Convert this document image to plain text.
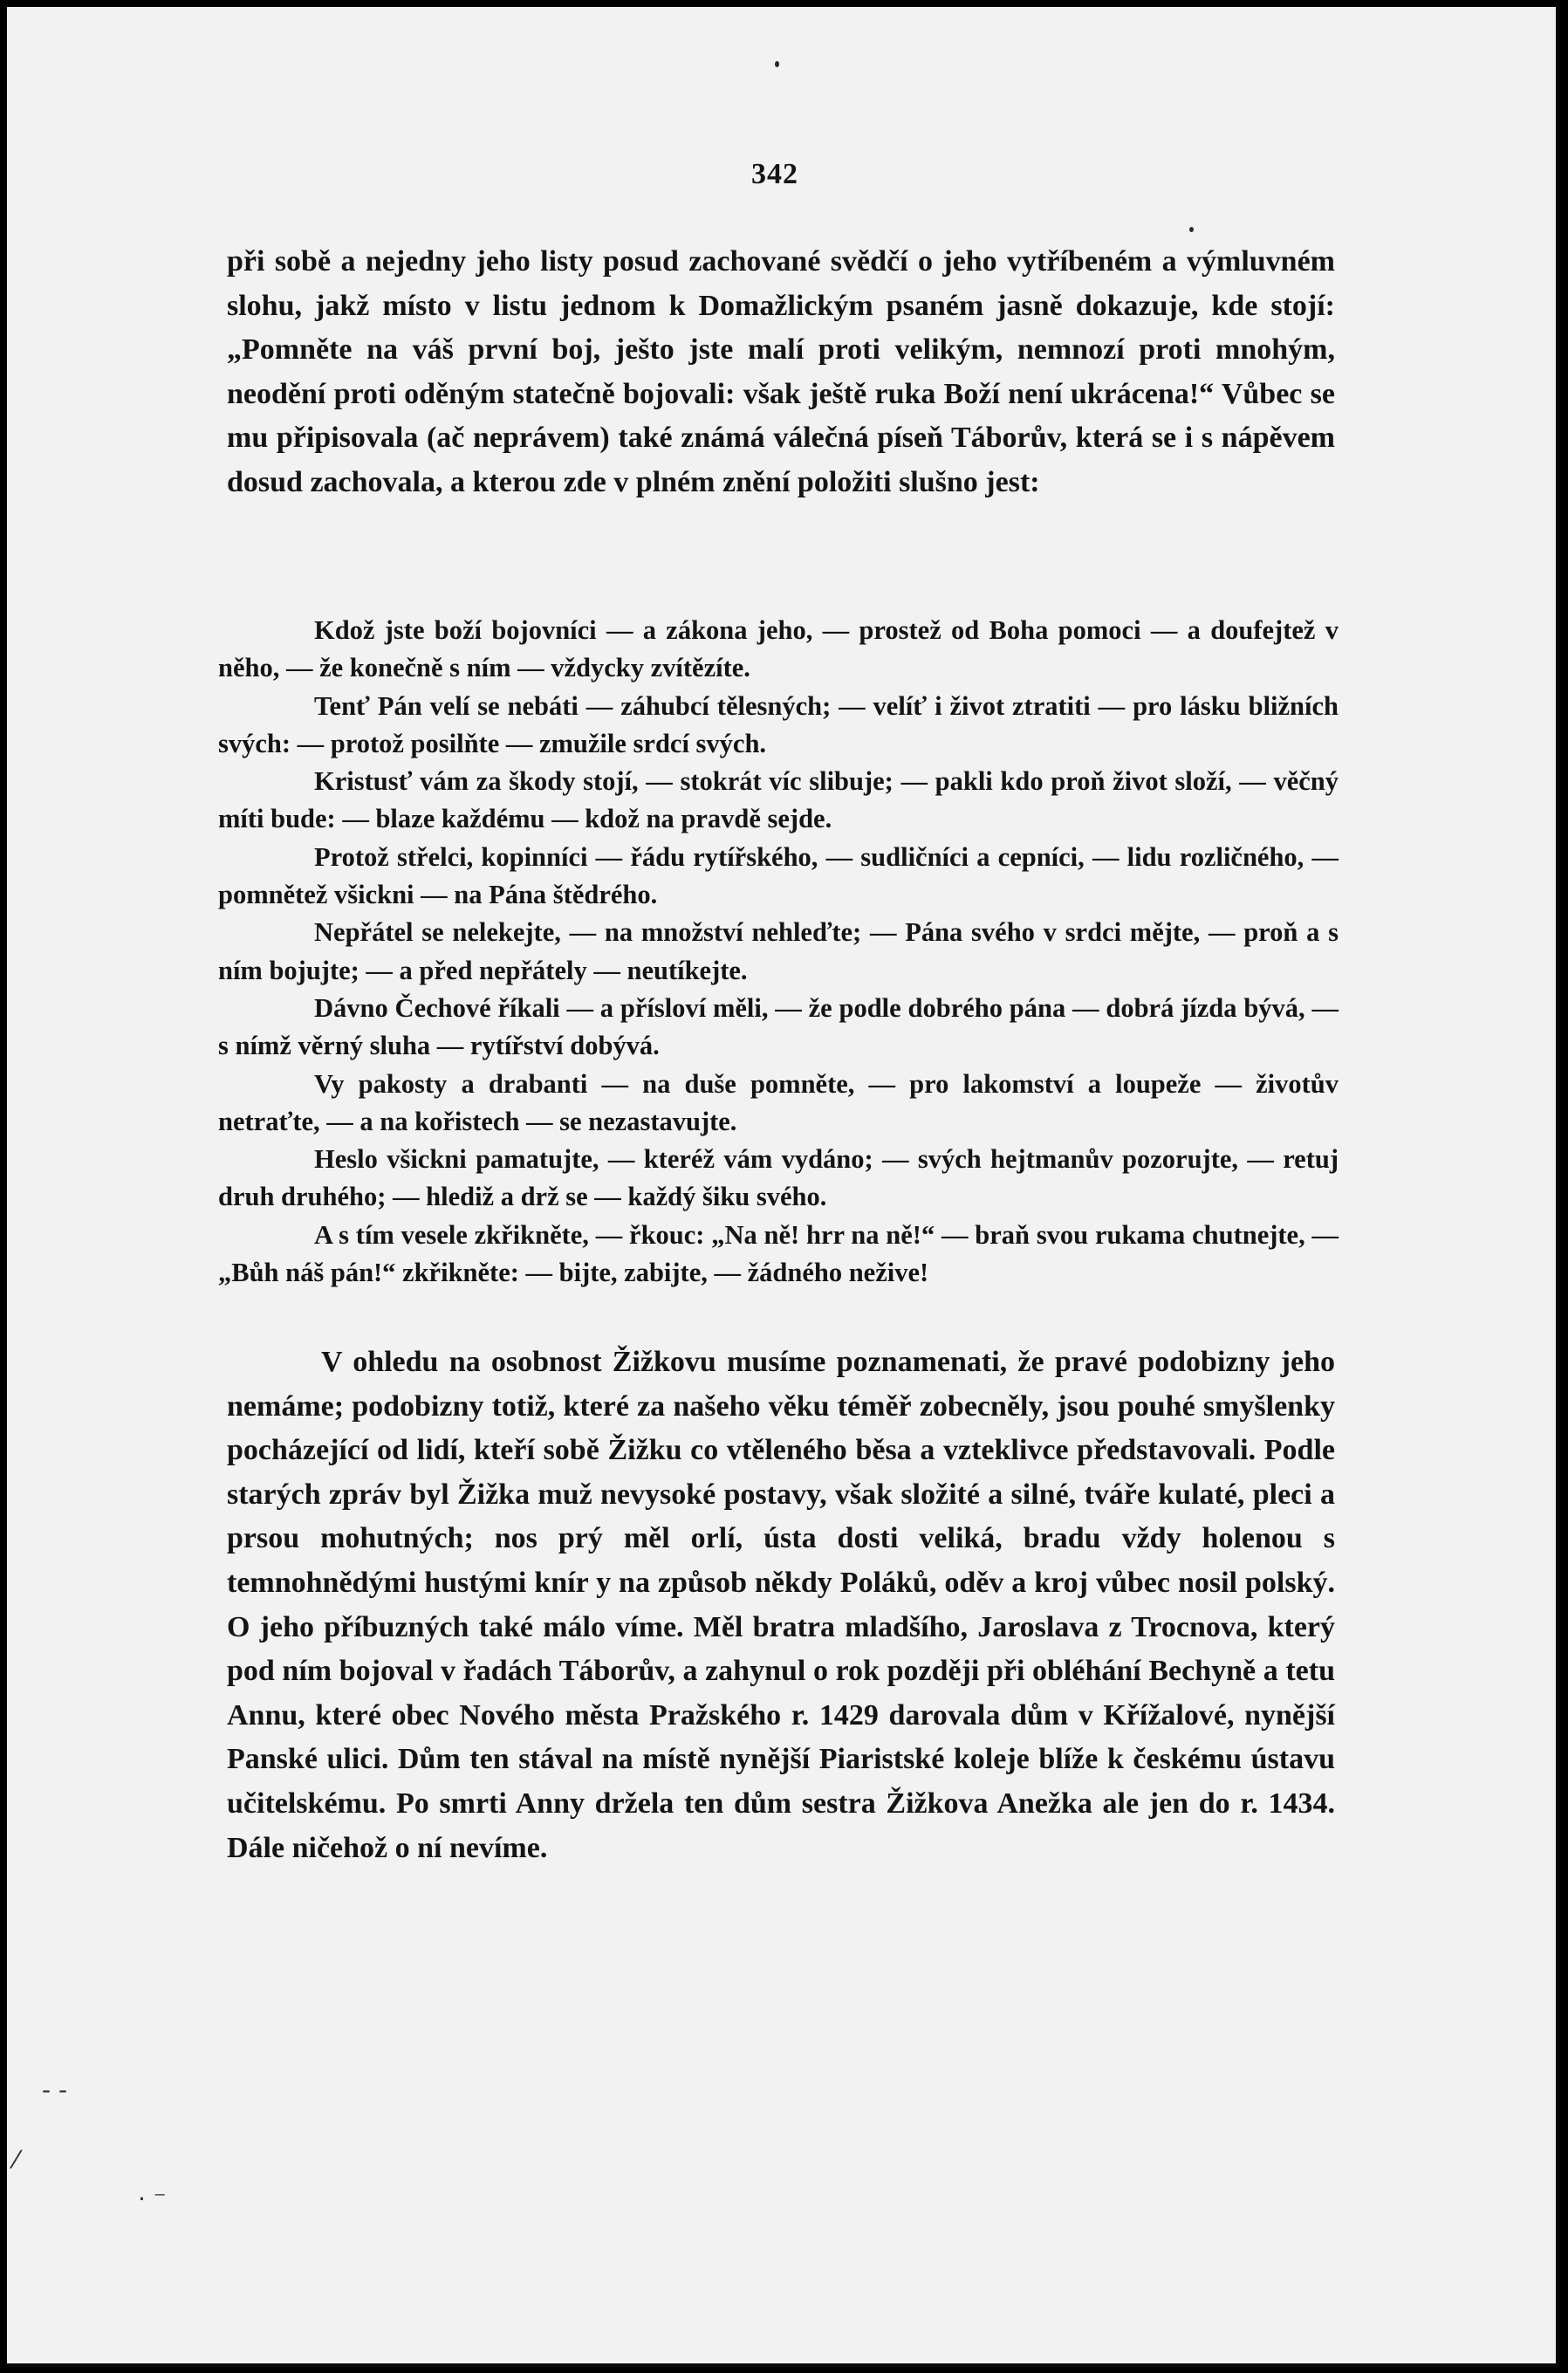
- -
⁄
· ⁻
342

při sobě a nejedny jeho listy posud zachované svědčí o jeho vytříbeném a výmluvném slohu, jakž místo v listu jednom k Domažlickým psaném jasně dokazuje, kde stojí: „Pomněte na váš první boj, ješto jste malí proti velikým, nemnozí proti mnohým, neodění proti oděným statečně bojovali: však ještě ruka Boží není ukrácena!“ Vůbec se mu připisovala (ač neprávem) také známá válečná píseň Táborův, která se i s nápěvem dosud zachovala, a kterou zde v plném znění položiti slušno jest:

Kdož jste boží bojovníci — a zákona jeho, — prostež od Boha pomoci — a doufejtež v něho, — že konečně s ním — vždycky zvítězíte.

Tenť Pán velí se nebáti — záhubcí tělesných; — velíť i život ztratiti — pro lásku bližních svých: — protož posilňte — zmužile srdcí svých.

Kristusť vám za škody stojí, — stokrát víc slibuje; — pakli kdo proň život složí, — věčný míti bude: — blaze každému — kdož na pravdě sejde.

Protož střelci, kopinníci — řádu rytířského, — sudličníci a cepníci, — lidu rozličného, — pomnětež všickni — na Pána štědrého.

Nepřátel se nelekejte, — na množství nehleďte; — Pána svého v srdci mějte, — proň a s ním bojujte; — a před nepřátely — neutíkejte.

Dávno Čechové říkali — a přísloví měli, — že podle dobrého pána — dobrá jízda bývá, — s nímž věrný sluha — rytířství dobývá.

Vy pakosty a drabanti — na duše pomněte, — pro lakomství a loupeže — životův netraťte, — a na kořistech — se nezastavujte.

Heslo všickni pamatujte, — kteréž vám vydáno; — svých hejtmanův pozorujte, — retuj druh druhého; — hlediž a drž se — každý šiku svého.

A s tím vesele zkřikněte, — řkouc: „Na ně! hrr na ně!“ — braň svou rukama chutnejte, — „Bůh náš pán!“ zkřikněte: — bijte, zabijte, — žádného nežive!

V ohledu na osobnost Žižkovu musíme poznamenati, že pravé podobizny jeho nemáme; podobizny totiž, které za našeho věku téměř zobecněly, jsou pouhé smyšlenky pocházející od lidí, kteří sobě Žižku co vtěleného běsa a vzteklivce představovali. Podle starých zpráv byl Žižka muž nevysoké postavy, však složité a silné, tváře kulaté, pleci a prsou mohutných; nos prý měl orlí, ústa dosti veliká, bradu vždy holenou s temnohnědými hustými knír y na způsob někdy Poláků, oděv a kroj vůbec nosil polský. O jeho příbuzných také málo víme. Měl bratra mladšího, Jaroslava z Trocnova, který pod ním bojoval v řadách Táborův, a zahynul o rok později při obléhání Bechyně a tetu Annu, které obec Nového města Pražského r. 1429 darovala dům v Křížalové, nynější Panské ulici. Dům ten stával na místě nynější Piaristské koleje blíže k českému ústavu učitelskému. Po smrti Anny držela ten dům sestra Žižkova Anežka ale jen do r. 1434. Dále ničehož o ní nevíme.
